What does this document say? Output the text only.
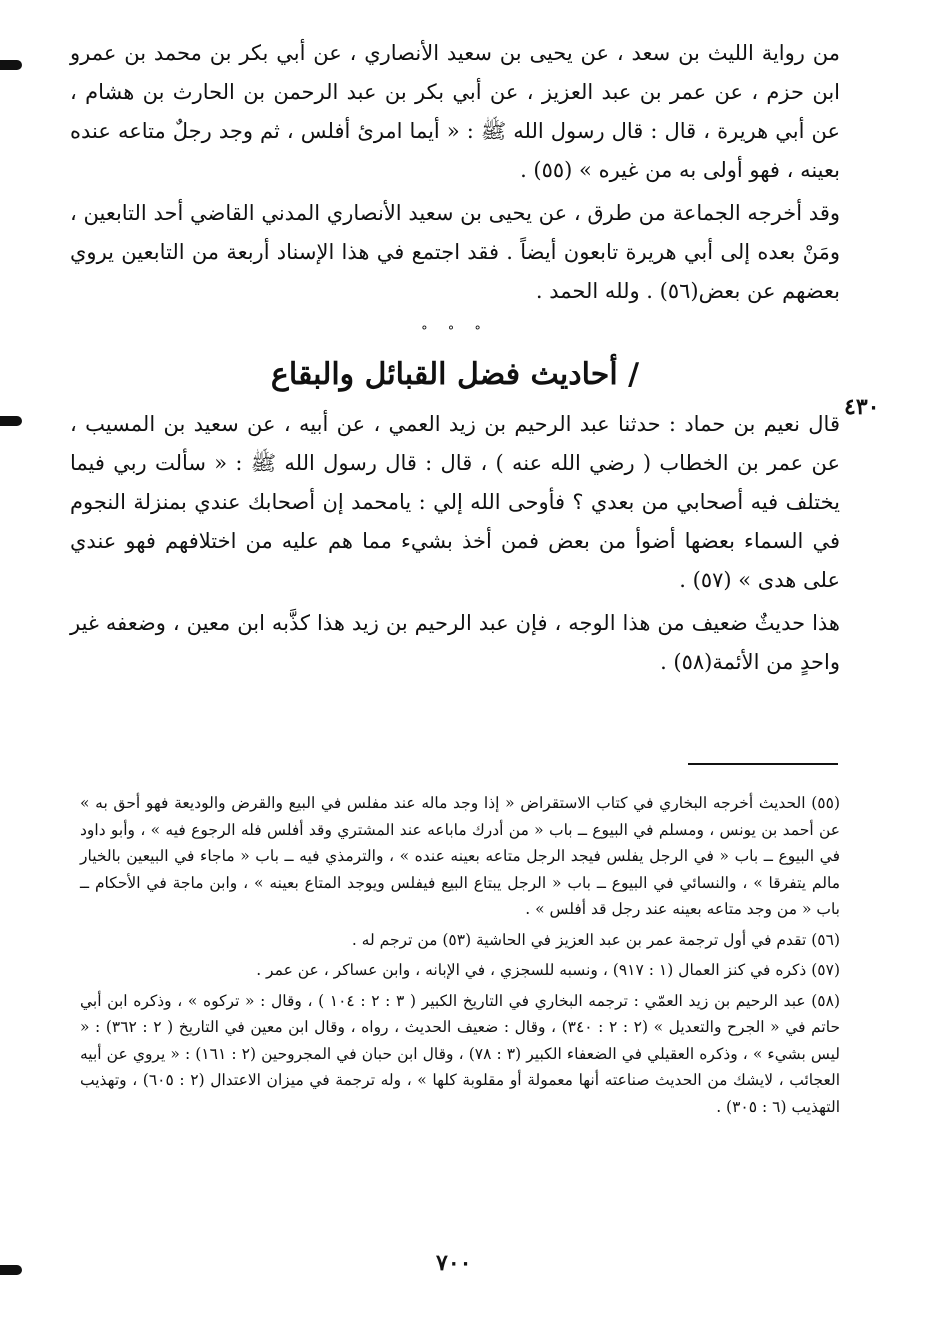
من رواية الليث بن سعد ، عن يحيى بن سعيد الأنصاري ، عن أبي بكر بن محمد بن عمرو ابن حزم ، عن عمر بن عبد العزيز ، عن أبي بكر بن عبد الرحمن بن الحارث بن هشام ، عن أبي هريرة ، قال : قال رسول الله ﷺ : « أيما امرئ أفلس ، ثم وجد رجلٌ متاعه عنده بعينه ، فهو أولى به من غيره » (٥٥) .

وقد أخرجه الجماعة من طرق ، عن يحيى بن سعيد الأنصاري المدني القاضي أحد التابعين ، ومَنْ بعده إلى أبي هريرة تابعون أيضاً . فقد اجتمع في هذا الإسناد أربعة من التابعين يروي بعضهم عن بعض(٥٦) . ولله الحمد .

° ° °
/ أحاديث فضل القبائل والبقاع

قال نعيم بن حماد : حدثنا عبد الرحيم بن زيد العمي ، عن أبيه ، عن سعيد بن المسيب ، عن عمر بن الخطاب ( رضي الله عنه ) ، قال : قال رسول الله ﷺ : « سألت ربي فيما يختلف فيه أصحابي من بعدي ؟ فأوحى الله إلي : يامحمد إن أصحابك عندي بمنزلة النجوم في السماء بعضها أضوأ من بعض فمن أخذ بشيء مما هم عليه من اختلافهم فهو عندي على هدى » (٥٧) .

هذا حديثٌ ضعيف من هذا الوجه ، فإن عبد الرحيم بن زيد هذا كذَّبه ابن معين ، وضعفه غير واحدٍ من الأئمة(٥٨) .

٤٣٠

(٥٥) الحديث أخرجه البخاري في كتاب الاستقراض « إذا وجد ماله عند مفلس في البيع والقرض والوديعة فهو أحق به » عن أحمد بن يونس ، ومسلم في البيوع ــ باب « من أدرك ماباعه عند المشتري وقد أفلس فله الرجوع فيه » ، وأبو داود في البيوع ــ باب « في الرجل يفلس فيجد الرجل متاعه بعينه عنده » ، والترمذي فيه ــ باب « ماجاء في البيعين بالخيار مالم يتفرقا » ، والنسائي في البيوع ــ باب « الرجل يبتاع البيع فيفلس ويوجد المتاع بعينه » ، وابن ماجة في الأحكام ــ باب « من وجد متاعه بعينه عند رجل قد أفلس » .

(٥٦) تقدم في أول ترجمة عمر بن عبد العزيز في الحاشية (٥٣) من ترجم له .

(٥٧) ذكره في كنز العمال (١ : ٩١٧) ، ونسبه للسجزي ، في الإبانه ، وابن عساكر ، عن عمر .

(٥٨) عبد الرحيم بن زيد العمّي : ترجمه البخاري في التاريخ الكبير ( ٣ : ٢ : ١٠٤ ) ، وقال : « تركوه » ، وذكره ابن أبي حاتم في « الجرح والتعديل » (٢ : ٢ : ٣٤٠) ، وقال : ضعيف الحديث ، رواه ، وقال ابن معين في التاريخ ( ٢ : ٣٦٢) : « ليس بشيء » ، وذكره العقيلي في الضعفاء الكبير (٣ : ٧٨) ، وقال ابن حبان في المجروحين (٢ : ١٦١) : « يروي عن أبيه العجائب ، لايشك من الحديث صناعته أنها معمولة أو مقلوبة كلها » ، وله ترجمة في ميزان الاعتدال (٢ : ٦٠٥) ، وتهذيب التهذيب (٦ : ٣٠٥) .

٧٠٠
